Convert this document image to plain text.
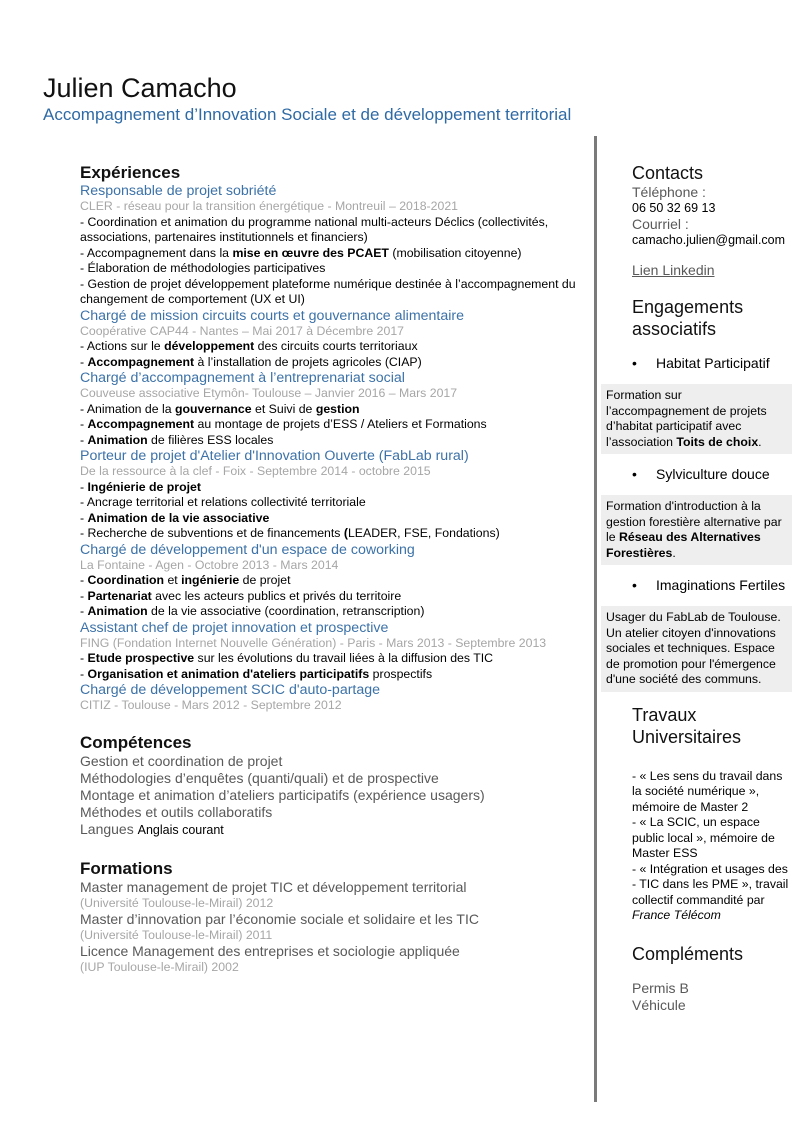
Julien Camacho
Accompagnement d’Innovation Sociale et de développement territorial
Expériences
Responsable de projet sobriété
CLER - réseau pour la transition énergétique - Montreuil – 2018-2021
- Coordination et animation du programme national multi-acteurs Déclics (collectivités, associations, partenaires institutionnels et financiers)
- Accompagnement dans la mise en œuvre des PCAET (mobilisation citoyenne)
- Élaboration de méthodologies participatives
- Gestion de projet développement plateforme numérique destinée à l’accompagnement du changement de comportement (UX et UI)
Chargé de mission circuits courts et gouvernance alimentaire
Coopérative CAP44 - Nantes – Mai 2017 à Décembre 2017
- Actions sur le développement des circuits courts territoriaux
- Accompagnement à l’installation de projets agricoles (CIAP)
Chargé d’accompagnement à l’entreprenariat social
Couveuse associative Etymôn- Toulouse – Janvier 2016 – Mars 2017
- Animation de la gouvernance et Suivi de gestion
- Accompagnement au montage de projets d’ESS / Ateliers et Formations
- Animation de filières ESS locales
Porteur de projet d'Atelier d'Innovation Ouverte (FabLab rural)
De la ressource à la clef - Foix - Septembre 2014 - octobre 2015
- Ingénierie de projet
- Ancrage territorial et relations collectivité territoriale
- Animation de la vie associative
- Recherche de subventions et de financements (LEADER, FSE, Fondations)
Chargé de développement d'un espace de coworking
La Fontaine - Agen - Octobre 2013 - Mars 2014
- Coordination et ingénierie de projet
- Partenariat avec les acteurs publics et privés du territoire
- Animation de la vie associative (coordination, retranscription)
Assistant chef de projet innovation et prospective
FING (Fondation Internet Nouvelle Génération) - Paris - Mars 2013 - Septembre 2013
- Etude prospective sur les évolutions du travail liées à la diffusion des TIC
- Organisation et animation d'ateliers participatifs prospectifs
Chargé de développement SCIC d'auto-partage
CITIZ - Toulouse - Mars 2012 - Septembre 2012
Compétences
Gestion et coordination de projet
Méthodologies d’enquêtes (quanti/quali) et de prospective
Montage et animation d’ateliers participatifs (expérience usagers)
Méthodes et outils collaboratifs
Langues Anglais courant
Formations
Master management de projet TIC et développement territorial
(Université Toulouse-le-Mirail) 2012
Master d’innovation par l’économie sociale et solidaire et les TIC
(Université Toulouse-le-Mirail) 2011
Licence Management des entreprises et sociologie appliquée
(IUP Toulouse-le-Mirail) 2002
Contacts
Téléphone :
06 50 32 69 13
Courriel :
camacho.julien@gmail.com
Lien Linkedin
Engagements
associatifs
• Habitat Participatif
Formation sur l’accompagnement de projets d’habitat participatif avec l’association Toits de choix.
• Sylviculture douce
Formation d'introduction à la gestion forestière alternative par le Réseau des Alternatives Forestières.
• Imaginations Fertiles
Usager du FabLab de Toulouse. Un atelier citoyen d'innovations sociales et techniques. Espace de promotion pour l'émergence d'une société des communs.
Travaux
Universitaires
- « Les sens du travail dans la société numérique », mémoire de Master 2
- « La SCIC, un espace public local », mémoire de Master ESS
- « Intégration et usages des - TIC dans les PME », travail collectif commandité par France Télécom
Compléments
Permis B
Véhicule
